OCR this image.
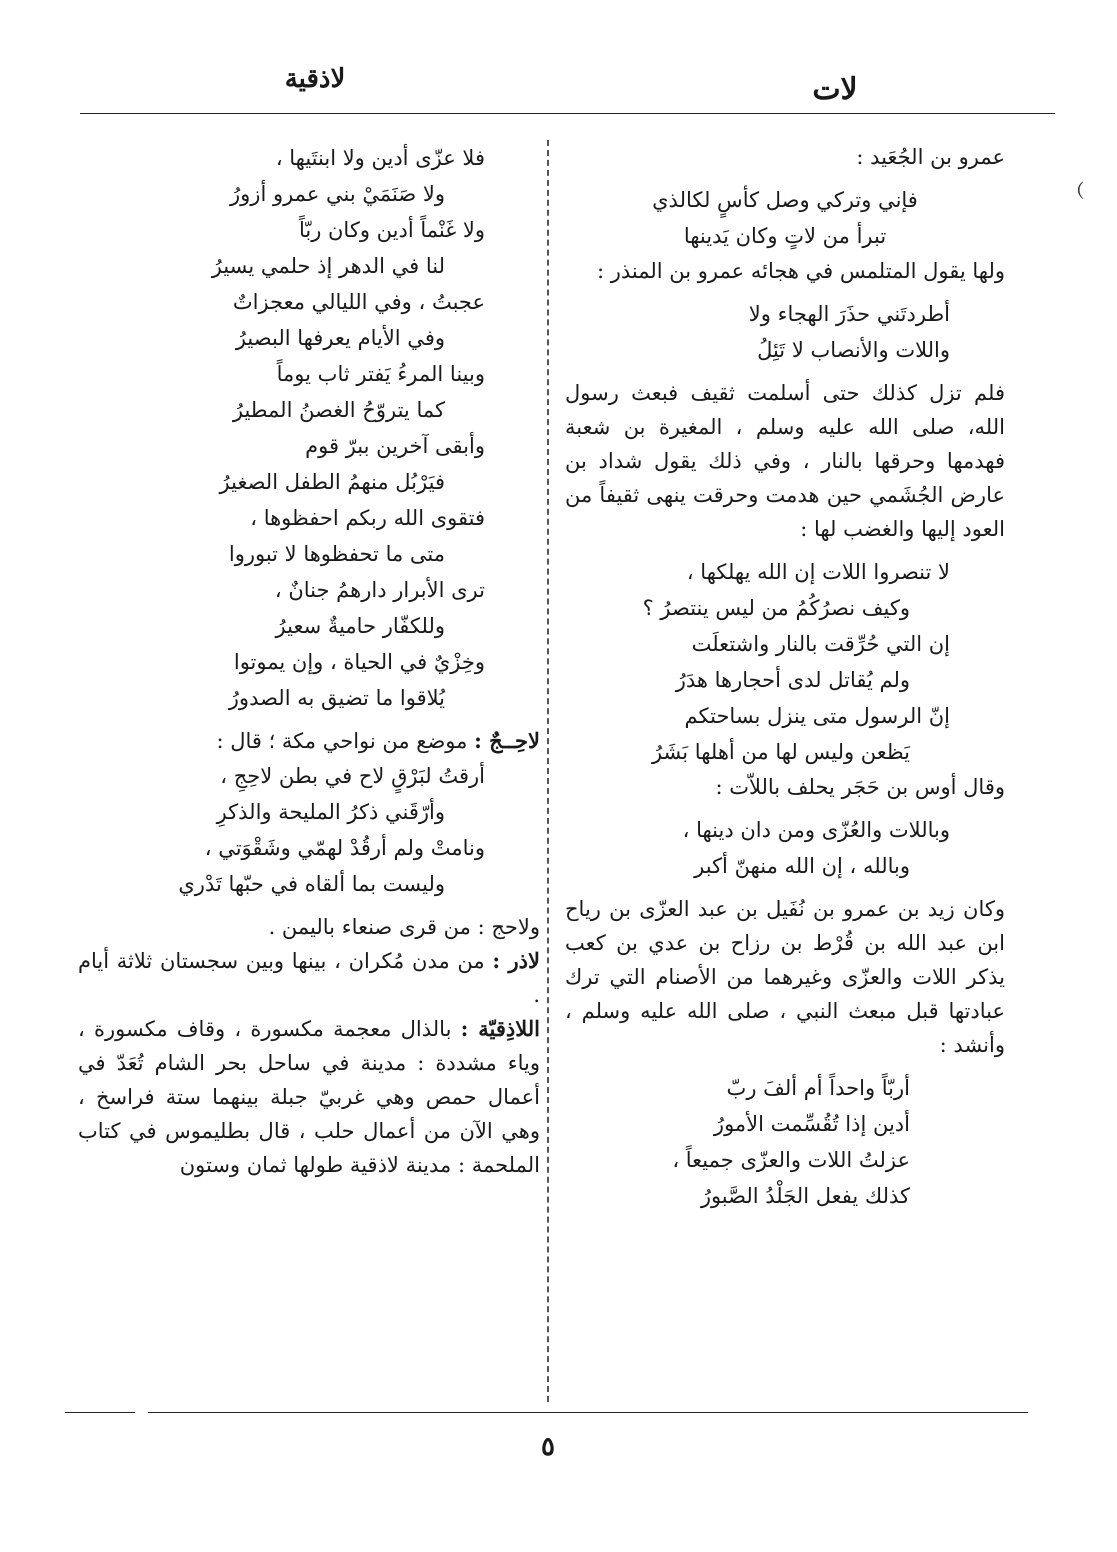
لات
لاذقية
﹚
عمرو بن الجُعَيد :
فإني وتركي وصل كأسٍ لكالذي
تبرأ من لاتٍ وكان يَدينها
ولها يقول المتلمس في هجائه عمرو بن المنذر :
أطردتَني حذَرَ الهجاء ولا
واللات والأنصاب لا تَئِلُ
فلم تزل كذلك حتى أسلمت ثقيف فبعث رسول الله، صلى الله عليه وسلم ، المغيرة بن شعبة فهدمها وحرقها بالنار ، وفي ذلك يقول شداد بن عارض الجُشَمي حين هدمت وحرقت ينهى ثقيفاً من العود إليها والغضب لها :
لا تنصروا اللات إن الله يهلكها ،
وكيف نصرُكُمُ من ليس ينتصرُ ؟
إن التي حُرِّقت بالنار واشتعلَت
ولم يُقاتل لدى أحجارها هدَرُ
إنّ الرسول متى ينزل بساحتكم
يَظعن وليس لها من أهلها بَشَرُ
وقال أوس بن حَجَر يحلف باللاّت :
وباللات والعُزّى ومن دان دينها ،
وبالله ، إن الله منهنّ أكبر
وكان زيد بن عمرو بن نُفَيل بن عبد العزّى بن رياح ابن عبد الله بن قُرْط بن رزاح بن عدي بن كعب يذكر اللات والعزّى وغيرهما من الأصنام التي ترك عبادتها قبل مبعث النبي ، صلى الله عليه وسلم ، وأنشد :
أربّاً واحداً أم ألفَ ربّ
أدين إذا تُقُسِّمت الأمورُ
عزلتُ اللات والعزّى جميعاً ،
كذلك يفعل الجَلْدُ الصَّبورُ
فلا عزّى أدين ولا ابنتَيها ،
ولا صَنَمَيْ بني عمرو أزورُ
ولا غَنْماً أدين وكان ربّاً
لنا في الدهر إذ حلمي يسيرُ
عجبتُ ، وفي الليالي معجزاتٌ
وفي الأيام يعرفها البصيرُ
وبينا المرءُ يَفتر ثاب يوماً
كما يتروّحُ الغصنُ المطيرُ
وأبقى آخرين ببرّ قوم
فيَرْبُل منهمُ الطفل الصغيرُ
فتقوى الله ربكم احفظوها ،
متى ما تحفظوها لا تبوروا
ترى الأبرار دارهمُ جنانٌ ،
وللكفّار حاميةٌ سعيرُ
وخِزْيٌ في الحياة ، وإن يموتوا
يُلاقوا ما تضيق به الصدورُ
لاحِــجٌ : موضع من نواحي مكة ؛ قال :
أرقتُ لبَرْقٍ لاح في بطن لاحِجِ ،
وأرّقَني ذكرُ المليحة والذكرِ
ونامتْ ولم أرقُدْ لهمّي وشَقْوَتي ،
وليست بما ألقاه في حبّها تَدْري
ولاحج : من قرى صنعاء باليمن .
لاذر : من مدن مُكران ، بينها وبين سجستان ثلاثة أيام .
اللاذِقيّة : بالذال معجمة مكسورة ، وقاف مكسورة ، وياء مشددة : مدينة في ساحل بحر الشام تُعَدّ في أعمال حمص وهي غربيّ جبلة بينهما ستة فراسخ ، وهي الآن من أعمال حلب ، قال بطليموس في كتاب الملحمة : مدينة لاذقية طولها ثمان وستون
٥
